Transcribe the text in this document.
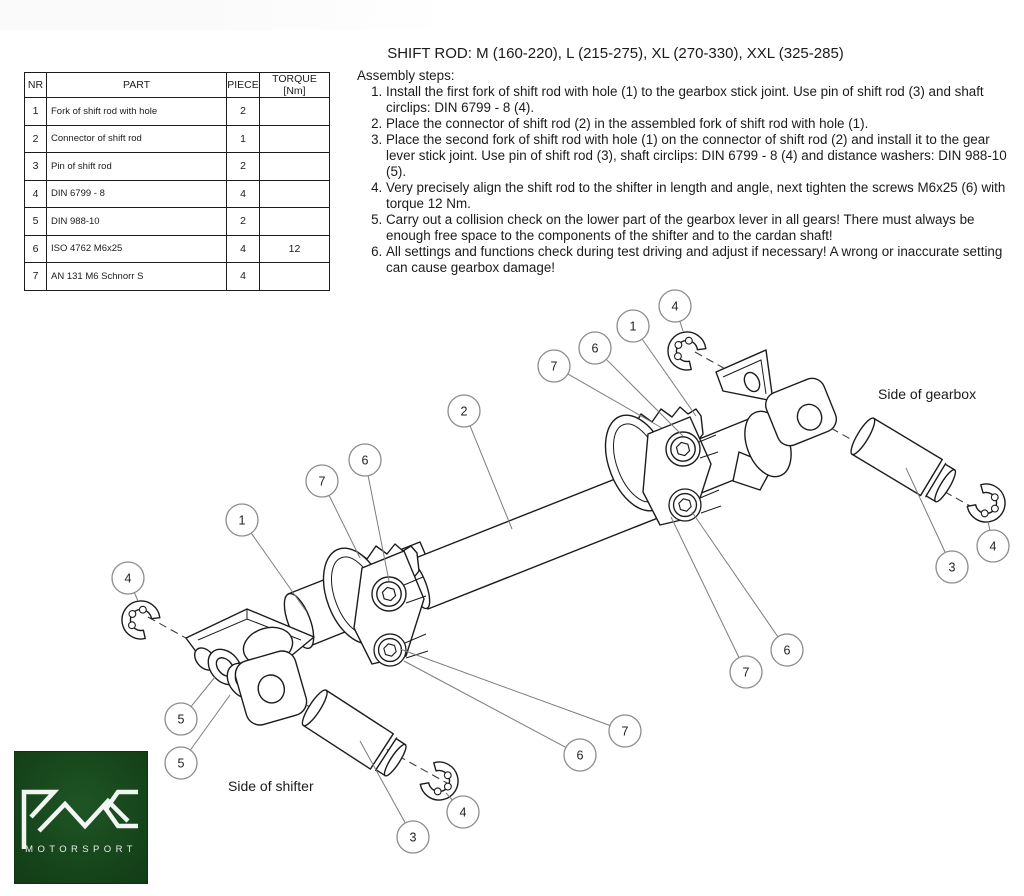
SHIFT ROD: M (160-220), L (215-275), XL (270-330), XXL (325-285)
NR	PART	PIECE	TORQUE [Nm]
1	Fork of shift rod with hole	2	
2	Connector of shift rod	1	
3	Pin of shift rod	2	
4	DIN 6799 - 8	4	
5	DIN 988-10	2	
6	ISO 4762 M6x25	4	12
7	AN 131 M6 Schnorr S	4	
Assembly steps:
1. Install the first fork of shift rod with hole (1) to the gearbox stick joint. Use pin of shift rod (3) and shaft circlips: DIN 6799 - 8 (4).
2. Place the connector of shift rod (2) in the assembled fork of shift rod with hole (1).
3. Place the second fork of shift rod with hole (1) on the connector of shift rod (2) and install it to the gear lever stick joint. Use pin of shift rod (3), shaft circlips: DIN 6799 - 8 (4) and distance washers: DIN 988-10 (5).
4. Very precisely align the shift rod to the shifter in length and angle, next tighten the screws M6x25 (6) with torque 12 Nm.
5. Carry out a collision check on the lower part of the gearbox lever in all gears! There must always be enough free space to the components of the shifter and to the cardan shaft!
6. All settings and functions check during test driving and adjust if necessary! A wrong or inaccurate setting can cause gearbox damage!
Side of gearbox
Side of shifter
4
1
6
7
2
6
7
1
4
5
5
3
4
6
7
7
6
3
4
MOTORSPORT
